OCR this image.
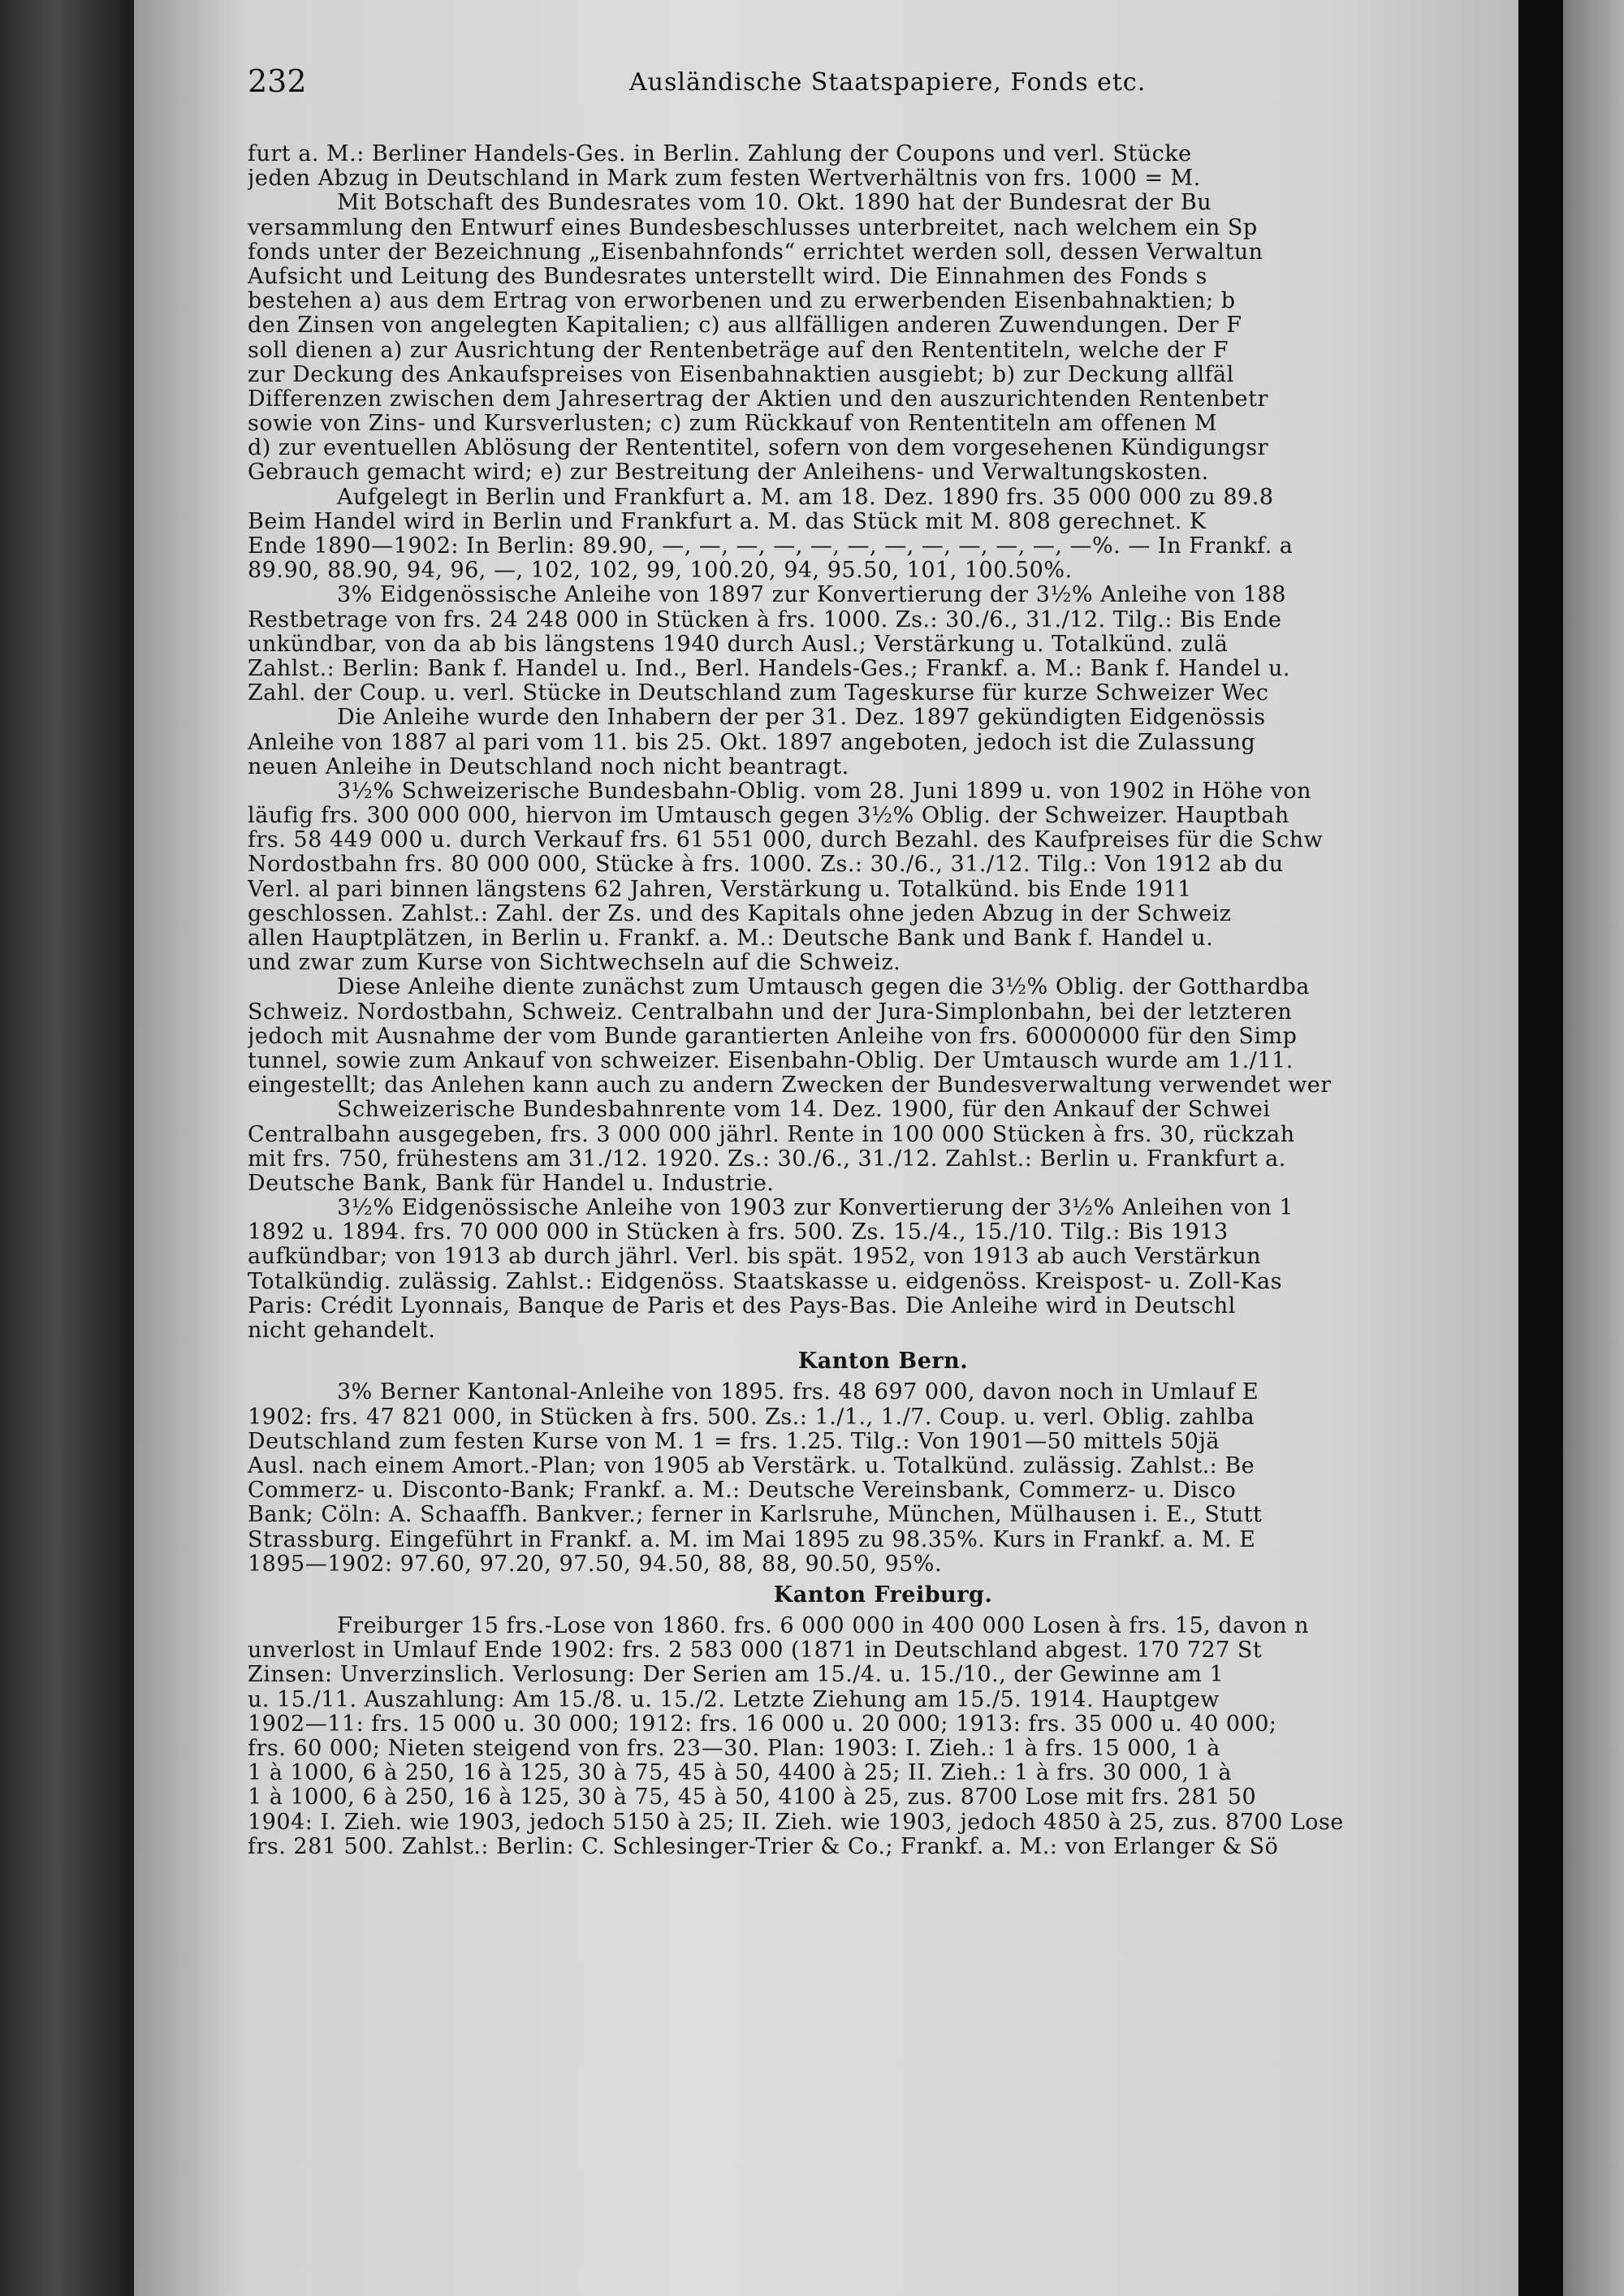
232	Ausländische Staatspapiere, Fonds etc.
furt a. M.: Berliner Handels-Ges. in Berlin. Zahlung der Coupons und verl. Stücke
jeden Abzug in Deutschland in Mark zum festen Wertverhältnis von frs. 1000 = M.
Mit Botschaft des Bundesrates vom 10. Okt. 1890 hat der Bundesrat der Bu
versammlung den Entwurf eines Bundesbeschlusses unterbreitet, nach welchem ein Sp
fonds unter der Bezeichnung „Eisenbahnfonds“ errichtet werden soll, dessen Verwaltun
Aufsicht und Leitung des Bundesrates unterstellt wird. Die Einnahmen des Fonds s
bestehen a) aus dem Ertrag von erworbenen und zu erwerbenden Eisenbahnaktien; b
den Zinsen von angelegten Kapitalien; c) aus allfälligen anderen Zuwendungen. Der F
soll dienen a) zur Ausrichtung der Rentenbeträge auf den Rententiteln, welche der F
zur Deckung des Ankaufspreises von Eisenbahnaktien ausgiebt; b) zur Deckung allfäl
Differenzen zwischen dem Jahresertrag der Aktien und den auszurichtenden Rentenbetr
sowie von Zins- und Kursverlusten; c) zum Rückkauf von Rententiteln am offenen M
d) zur eventuellen Ablösung der Rententitel, sofern von dem vorgesehenen Kündigungsr
Gebrauch gemacht wird; e) zur Bestreitung der Anleihens- und Verwaltungskosten.
Aufgelegt in Berlin und Frankfurt a. M. am 18. Dez. 1890 frs. 35 000 000 zu 89.8
Beim Handel wird in Berlin und Frankfurt a. M. das Stück mit M. 808 gerechnet. K
Ende 1890—1902: In Berlin: 89.90, —, —, —, —, —, —, —, —, —, —, —, —%. — In Frankf. a
89.90, 88.90, 94, 96, —, 102, 102, 99, 100.20, 94, 95.50, 101, 100.50%.
3% Eidgenössische Anleihe von 1897 zur Konvertierung der 3½% Anleihe von 188
Restbetrage von frs. 24 248 000 in Stücken à frs. 1000. Zs.: 30./6., 31./12. Tilg.: Bis Ende
unkündbar, von da ab bis längstens 1940 durch Ausl.; Verstärkung u. Totalkünd. zulä
Zahlst.: Berlin: Bank f. Handel u. Ind., Berl. Handels-Ges.; Frankf. a. M.: Bank f. Handel u.
Zahl. der Coup. u. verl. Stücke in Deutschland zum Tageskurse für kurze Schweizer Wec
Die Anleihe wurde den Inhabern der per 31. Dez. 1897 gekündigten Eidgenössis
Anleihe von 1887 al pari vom 11. bis 25. Okt. 1897 angeboten, jedoch ist die Zulassung
neuen Anleihe in Deutschland noch nicht beantragt.
3½% Schweizerische Bundesbahn-Oblig. vom 28. Juni 1899 u. von 1902 in Höhe von
läufig frs. 300 000 000, hiervon im Umtausch gegen 3½% Oblig. der Schweizer. Hauptbah
frs. 58 449 000 u. durch Verkauf frs. 61 551 000, durch Bezahl. des Kaufpreises für die Schw
Nordostbahn frs. 80 000 000, Stücke à frs. 1000. Zs.: 30./6., 31./12. Tilg.: Von 1912 ab du
Verl. al pari binnen längstens 62 Jahren, Verstärkung u. Totalkünd. bis Ende 1911
geschlossen. Zahlst.: Zahl. der Zs. und des Kapitals ohne jeden Abzug in der Schweiz
allen Hauptplätzen, in Berlin u. Frankf. a. M.: Deutsche Bank und Bank f. Handel u.
und zwar zum Kurse von Sichtwechseln auf die Schweiz.
Diese Anleihe diente zunächst zum Umtausch gegen die 3½% Oblig. der Gotthardba
Schweiz. Nordostbahn, Schweiz. Centralbahn und der Jura-Simplonbahn, bei der letzteren
jedoch mit Ausnahme der vom Bunde garantierten Anleihe von frs. 60000000 für den Simp
tunnel, sowie zum Ankauf von schweizer. Eisenbahn-Oblig. Der Umtausch wurde am 1./11.
eingestellt; das Anlehen kann auch zu andern Zwecken der Bundesverwaltung verwendet wer
Schweizerische Bundesbahnrente vom 14. Dez. 1900, für den Ankauf der Schwei
Centralbahn ausgegeben, frs. 3 000 000 jährl. Rente in 100 000 Stücken à frs. 30, rückzah
mit frs. 750, frühestens am 31./12. 1920. Zs.: 30./6., 31./12. Zahlst.: Berlin u. Frankfurt a.
Deutsche Bank, Bank für Handel u. Industrie.
3½% Eidgenössische Anleihe von 1903 zur Konvertierung der 3½% Anleihen von 1
1892 u. 1894. frs. 70 000 000 in Stücken à frs. 500. Zs. 15./4., 15./10. Tilg.: Bis 1913
aufkündbar; von 1913 ab durch jährl. Verl. bis spät. 1952, von 1913 ab auch Verstärkun
Totalkündig. zulässig. Zahlst.: Eidgenöss. Staatskasse u. eidgenöss. Kreispost- u. Zoll-Kas
Paris: Crédit Lyonnais, Banque de Paris et des Pays-Bas. Die Anleihe wird in Deutschl
nicht gehandelt.
Kanton Bern.
3% Berner Kantonal-Anleihe von 1895. frs. 48 697 000, davon noch in Umlauf E
1902: frs. 47 821 000, in Stücken à frs. 500. Zs.: 1./1., 1./7. Coup. u. verl. Oblig. zahlba
Deutschland zum festen Kurse von M. 1 = frs. 1.25. Tilg.: Von 1901—50 mittels 50jä
Ausl. nach einem Amort.-Plan; von 1905 ab Verstärk. u. Totalkünd. zulässig. Zahlst.: Be
Commerz- u. Disconto-Bank; Frankf. a. M.: Deutsche Vereinsbank, Commerz- u. Disco
Bank; Cöln: A. Schaaffh. Bankver.; ferner in Karlsruhe, München, Mülhausen i. E., Stutt
Strassburg. Eingeführt in Frankf. a. M. im Mai 1895 zu 98.35%. Kurs in Frankf. a. M. E
1895—1902: 97.60, 97.20, 97.50, 94.50, 88, 88, 90.50, 95%.
Kanton Freiburg.
Freiburger 15 frs.-Lose von 1860. frs. 6 000 000 in 400 000 Losen à frs. 15, davon n
unverlost in Umlauf Ende 1902: frs. 2 583 000 (1871 in Deutschland abgest. 170 727 St
Zinsen: Unverzinslich. Verlosung: Der Serien am 15./4. u. 15./10., der Gewinne am 1
u. 15./11. Auszahlung: Am 15./8. u. 15./2. Letzte Ziehung am 15./5. 1914. Hauptgew
1902—11: frs. 15 000 u. 30 000; 1912: frs. 16 000 u. 20 000; 1913: frs. 35 000 u. 40 000;
frs. 60 000; Nieten steigend von frs. 23—30. Plan: 1903: I. Zieh.: 1 à frs. 15 000, 1 à
1 à 1000, 6 à 250, 16 à 125, 30 à 75, 45 à 50, 4400 à 25; II. Zieh.: 1 à frs. 30 000, 1 à
1 à 1000, 6 à 250, 16 à 125, 30 à 75, 45 à 50, 4100 à 25, zus. 8700 Lose mit frs. 281 50
1904: I. Zieh. wie 1903, jedoch 5150 à 25; II. Zieh. wie 1903, jedoch 4850 à 25, zus. 8700 Lose
frs. 281 500. Zahlst.: Berlin: C. Schlesinger-Trier & Co.; Frankf. a. M.: von Erlanger & Sö
